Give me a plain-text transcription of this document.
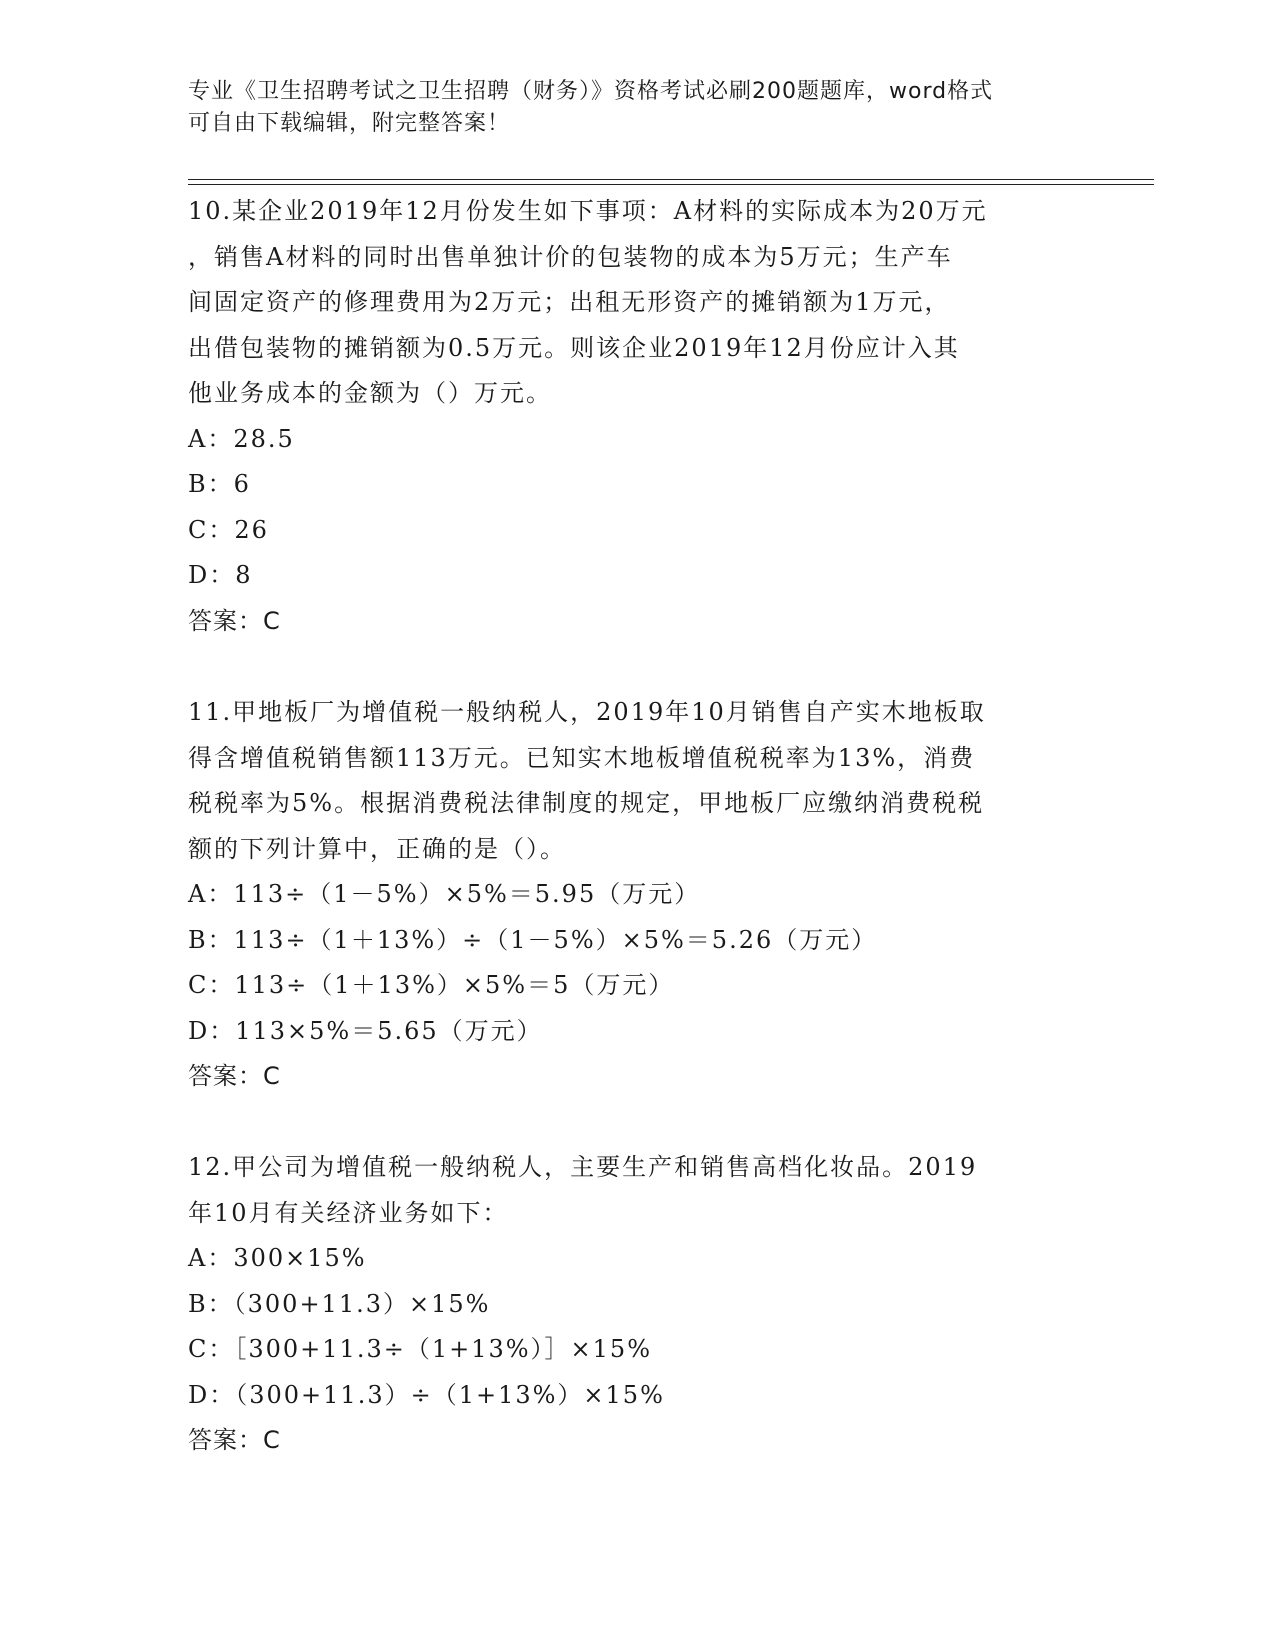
专业《卫生招聘考试之卫生招聘（财务）》资格考试必刷200题题库，word格式
可自由下载编辑，附完整答案！
10.某企业2019年12月份发生如下事项：A材料的实际成本为20万元
，销售A材料的同时出售单独计价的包装物的成本为5万元；生产车
间固定资产的修理费用为2万元；出租无形资产的摊销额为1万元，
出借包装物的摊销额为0.5万元。则该企业2019年12月份应计入其
他业务成本的金额为（）万元。
A：28.5
B：6
C：26
D：8
答案：C
11.甲地板厂为增值税一般纳税人，2019年10月销售自产实木地板取
得含增值税销售额113万元。已知实木地板增值税税率为13%，消费
税税率为5%。根据消费税法律制度的规定，甲地板厂应缴纳消费税税
额的下列计算中，正确的是（）。
A：113÷（1－5%）×5%＝5.95（万元）
B：113÷（1＋13%）÷（1－5%）×5%＝5.26（万元）
C：113÷（1＋13%）×5%＝5（万元）
D：113×5%＝5.65（万元）
答案：C
12.甲公司为增值税一般纳税人，主要生产和销售高档化妆品。2019
年10月有关经济业务如下：
A：300×15%
B：（300+11.3）×15%
C：［300+11.3÷（1+13%）］×15%
D：（300+11.3）÷（1+13%）×15%
答案：C
